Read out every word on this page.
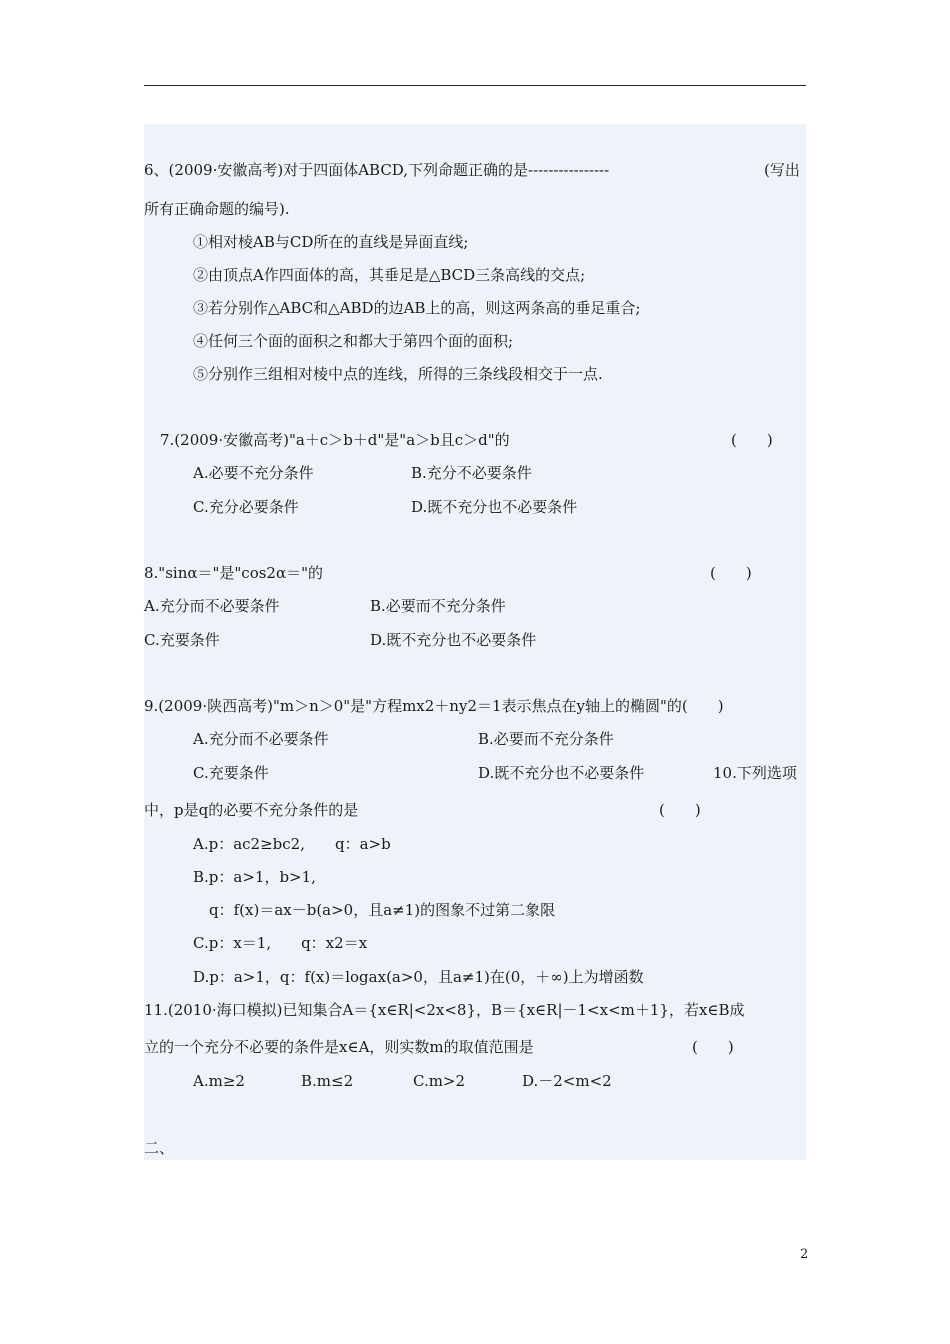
6、(2009·安徽高考)对于四面体ABCD,下列命题正确的是----------------	(写出
所有正确命题的编号).
①相对棱AB与CD所在的直线是异面直线;
②由顶点A作四面体的高，其垂足是△BCD三条高线的交点;
③若分别作△ABC和△ABD的边AB上的高，则这两条高的垂足重合;
④任何三个面的面积之和都大于第四个面的面积;
⑤分别作三组相对棱中点的连线，所得的三条线段相交于一点.
7.(2009·安徽高考)"a＋c＞b＋d"是"a＞b且c＞d"的	(　　)
A.必要不充分条件	B.充分不必要条件
C.充分必要条件	D.既不充分也不必要条件
8."sinα＝"是"cos2α＝"的	(　　)
A.充分而不必要条件	B.必要而不充分条件
C.充要条件	D.既不充分也不必要条件
9.(2009·陕西高考)"m＞n＞0"是"方程mx2＋ny2＝1表示焦点在y轴上的椭圆"的(　　)
A.充分而不必要条件	B.必要而不充分条件
C.充要条件	D.既不充分也不必要条件	10.下列选项
中，p是q的必要不充分条件的是	(　　)
A.p：ac2≥bc2,　　q：a>b
B.p：a>1，b>1,
q：f(x)＝ax－b(a>0，且a≠1)的图象不过第二象限
C.p：x＝1,　　q：x2＝x
D.p：a>1，q：f(x)＝logax(a>0，且a≠1)在(0，＋∞)上为增函数
11.(2010·海口模拟)已知集合A＝{x∈R|<2x<8}，B＝{x∈R|－1<x<m＋1}，若x∈B成
立的一个充分不必要的条件是x∈A，则实数m的取值范围是	(　　)
A.m≥2	B.m≤2	C.m>2	D.－2<m<2
二、
2
